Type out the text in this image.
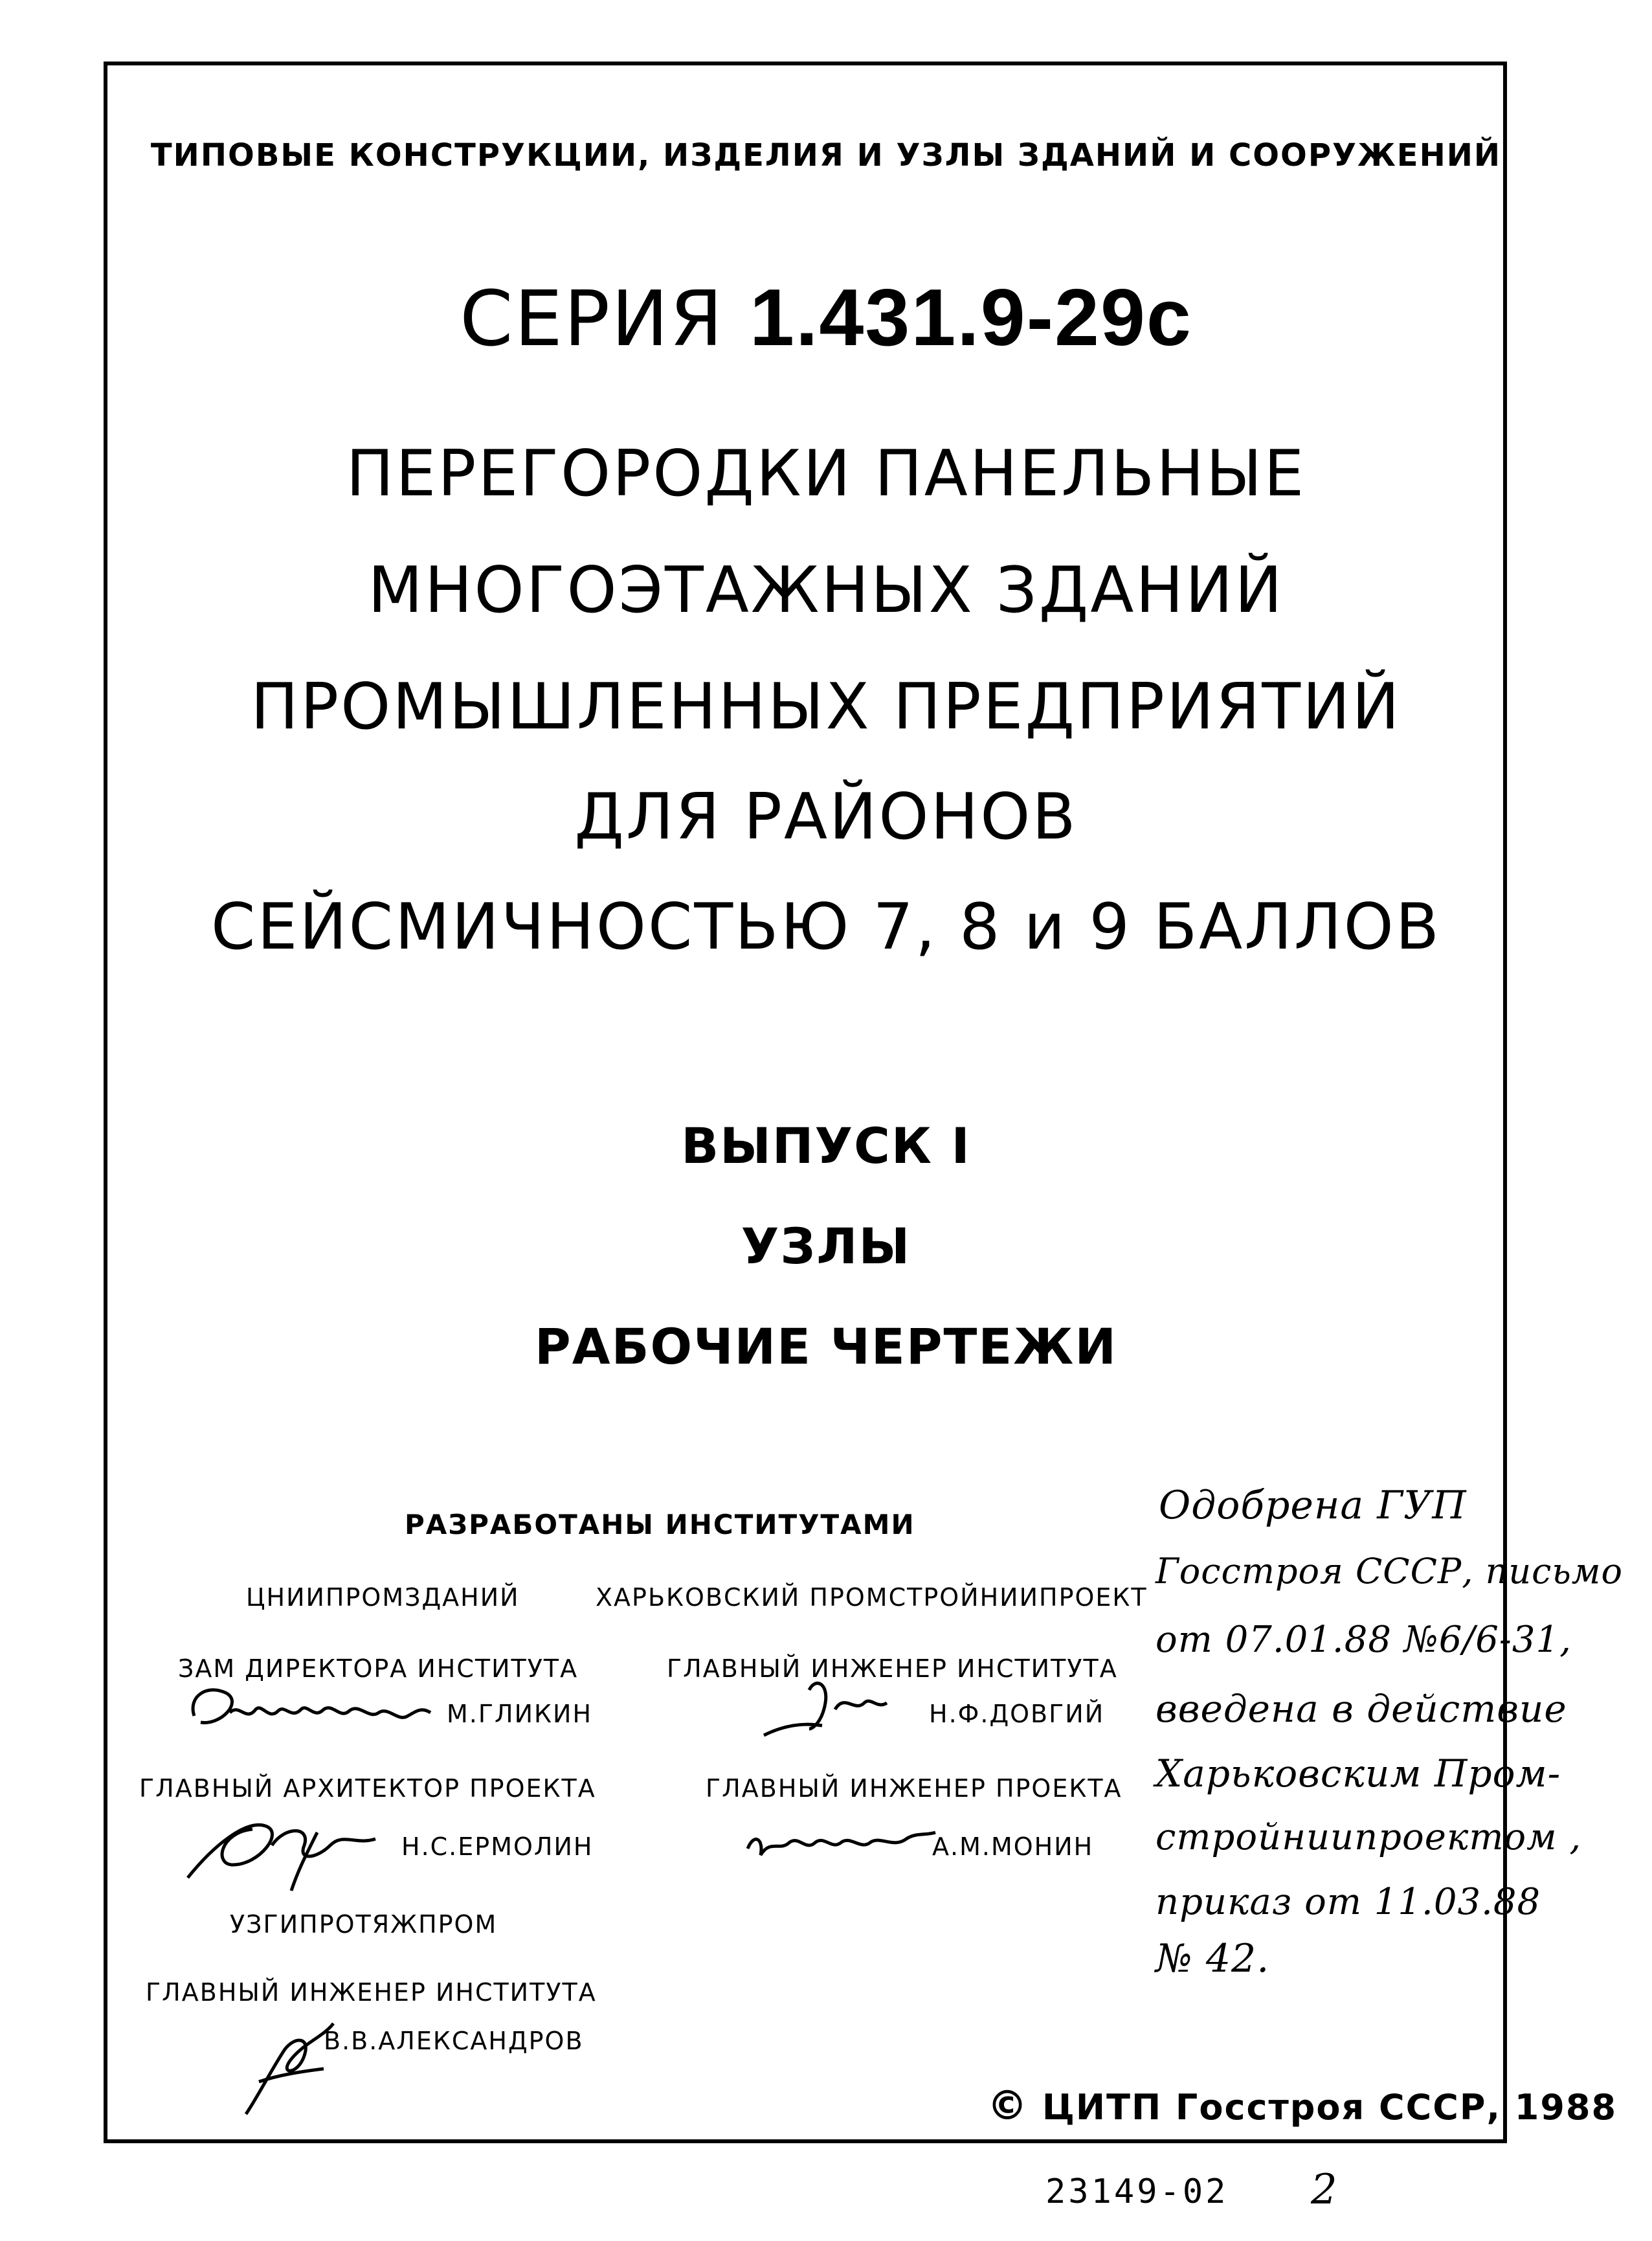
ТИПОВЫЕ КОНСТРУКЦИИ, ИЗДЕЛИЯ И УЗЛЫ ЗДАНИЙ И СООРУЖЕНИЙ
СЕРИЯ 1.431.9-29с
ПЕРЕГОРОДКИ ПАНЕЛЬНЫЕ
МНОГОЭТАЖНЫХ ЗДАНИЙ
ПРОМЫШЛЕННЫХ ПРЕДПРИЯТИЙ
ДЛЯ РАЙОНОВ
СЕЙСМИЧНОСТЬЮ 7, 8 и 9 БАЛЛОВ
ВЫПУСК I
УЗЛЫ
РАБОЧИЕ ЧЕРТЕЖИ
РАЗРАБОТАНЫ ИНСТИТУТАМИ
ЦНИИПРОМЗДАНИЙ	ХАРЬКОВСКИЙ ПРОМСТРОЙНИИПРОЕКТ
ЗАМ ДИРЕКТОРА ИНСТИТУТА	ГЛАВНЫЙ ИНЖЕНЕР ИНСТИТУТА
М.ГЛИКИН	Н.Ф.ДОВГИЙ
ГЛАВНЫЙ АРХИТЕКТОР ПРОЕКТА	ГЛАВНЫЙ ИНЖЕНЕР ПРОЕКТА
Н.С.ЕРМОЛИН	А.М.МОНИН
УЗГИПРОТЯЖПРОМ
ГЛАВНЫЙ ИНЖЕНЕР ИНСТИТУТА
В.В.АЛЕКСАНДРОВ
Одобрена ГУП
Госстроя СССР, письмо
от 07.01.88 №6/6-31,
введена в действие
Харьковским Пром-
стройниипроектом ,
приказ от 11.03.88
№ 42.
© ЦИТП Госстроя СССР, 1988
23149-02 2
